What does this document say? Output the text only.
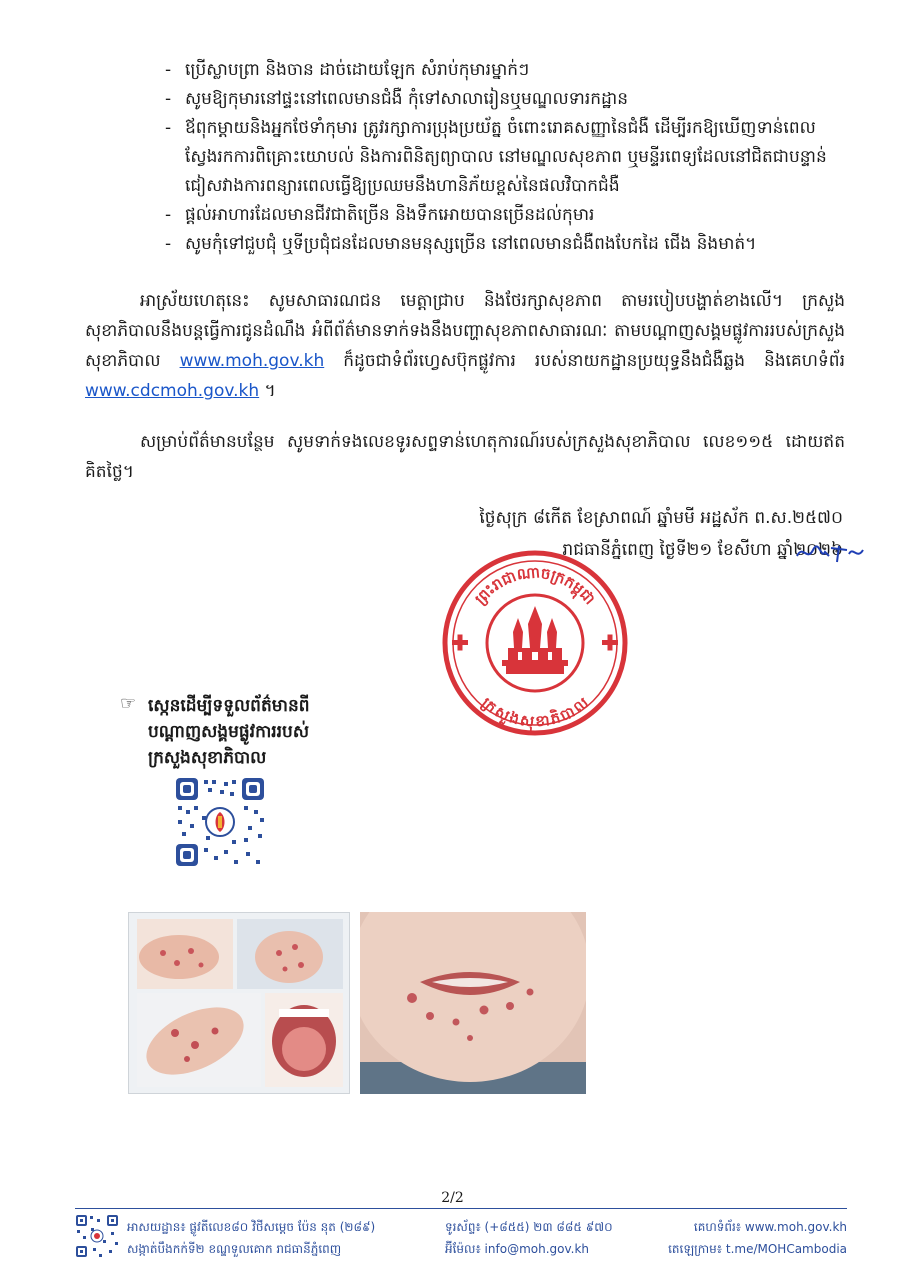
- ប្រើស្លាបព្រា និងចាន ដាច់ដោយឡែក សំរាប់កុមារម្នាក់ៗ
- សូមឱ្យកុមារនៅផ្ទះនៅពេលមានជំងឺ កុំទៅសាលារៀនឬមណ្ឌលទារកដ្ឋាន
- ឪពុកម្ដាយនិងអ្នកថែទាំកុមារ ត្រូវរក្សាការប្រុងប្រយ័ត្ន ចំពោះរោគសញ្ញានៃជំងឺ ដើម្បីរកឱ្យឃើញទាន់ពេល ស្វែងរកការពិគ្រោះយោបល់ និងការពិនិត្យព្យាបាល នៅមណ្ឌលសុខភាព ឬមន្ទីរពេទ្យដែលនៅជិតជាបន្ទាន់ ជៀសវាងការពន្យារពេលធ្វើឱ្យប្រឈមនឹងហានិភ័យខ្ពស់នៃផលវិបាកជំងឺ
- ផ្ដល់អាហារដែលមានជីវជាតិច្រើន និងទឹកអោយបានច្រើនដល់កុមារ
- សូមកុំទៅជួបជុំ ឬទីប្រជុំជនដែលមានមនុស្សច្រើន នៅពេលមានជំងឺពងបែកដៃ ជើង និងមាត់។

អាស្រ័យហេតុនេះ សូមសាធារណជន មេត្តាជ្រាប និងថែរក្សាសុខភាព តាមរបៀបបង្ហាត់ខាងលើ។ ក្រសួងសុខាភិបាលនឹងបន្តធ្វើការជូនដំណឹង អំពីព័ត៌មានទាក់ទងនឹងបញ្ហាសុខភាពសាធារណៈ តាមបណ្ដាញសង្គមផ្លូវការរបស់ក្រសួងសុខាភិបាល www.moh.gov.kh ក៏ដូចជាទំព័រហ្វេសប៊ុកផ្លូវការ របស់នាយកដ្ឋានប្រយុទ្ធនឹងជំងឺឆ្លង និងគេហទំព័រ www.cdcmoh.gov.kh ។

សម្រាប់ព័ត៌មានបន្ថែម សូមទាក់ទងលេខទូរសព្ទទាន់ហេតុការណ៍របស់ក្រសួងសុខាភិបាល លេខ១១៥ ដោយឥតគិតថ្លៃ។

ថ្ងៃសុក្រ ៨កើត ខែស្រាពណ៍ ឆ្នាំមមី អដ្ឋស័ក ព.ស.២៥៧០
រាជធានីភ្នំពេញ ថ្ងៃទី២១ ខែសីហា ឆ្នាំ២០២៦
ព្រះរាជាណាចក្រកម្ពុជា
ក្រសួងសុខាភិបាល
☞ ស្កេនដើម្បីទទួលព័ត៌មានពី
បណ្ដាញសង្គមផ្លូវការរបស់
ក្រសួងសុខាភិបាល
2/2
អាសយដ្ឋាន៖ ផ្លូវតីលេខ៨០ វិថីសម្ដេច ប៉ែន នុត (២៨៩)
សង្កាត់បឹងកក់ទី២ ខណ្ឌទួលគោក រាជធានីភ្នំពេញ
ទូរស័ព្ទ៖ (+៨៥៥) ២៣ ៨៨៥ ៩៧០
អ៊ីម៉ែល៖ info@moh.gov.kh
គេហទំព័រ៖ www.moh.gov.kh
តេឡេក្រាម៖ t.me/MOHCambodia
